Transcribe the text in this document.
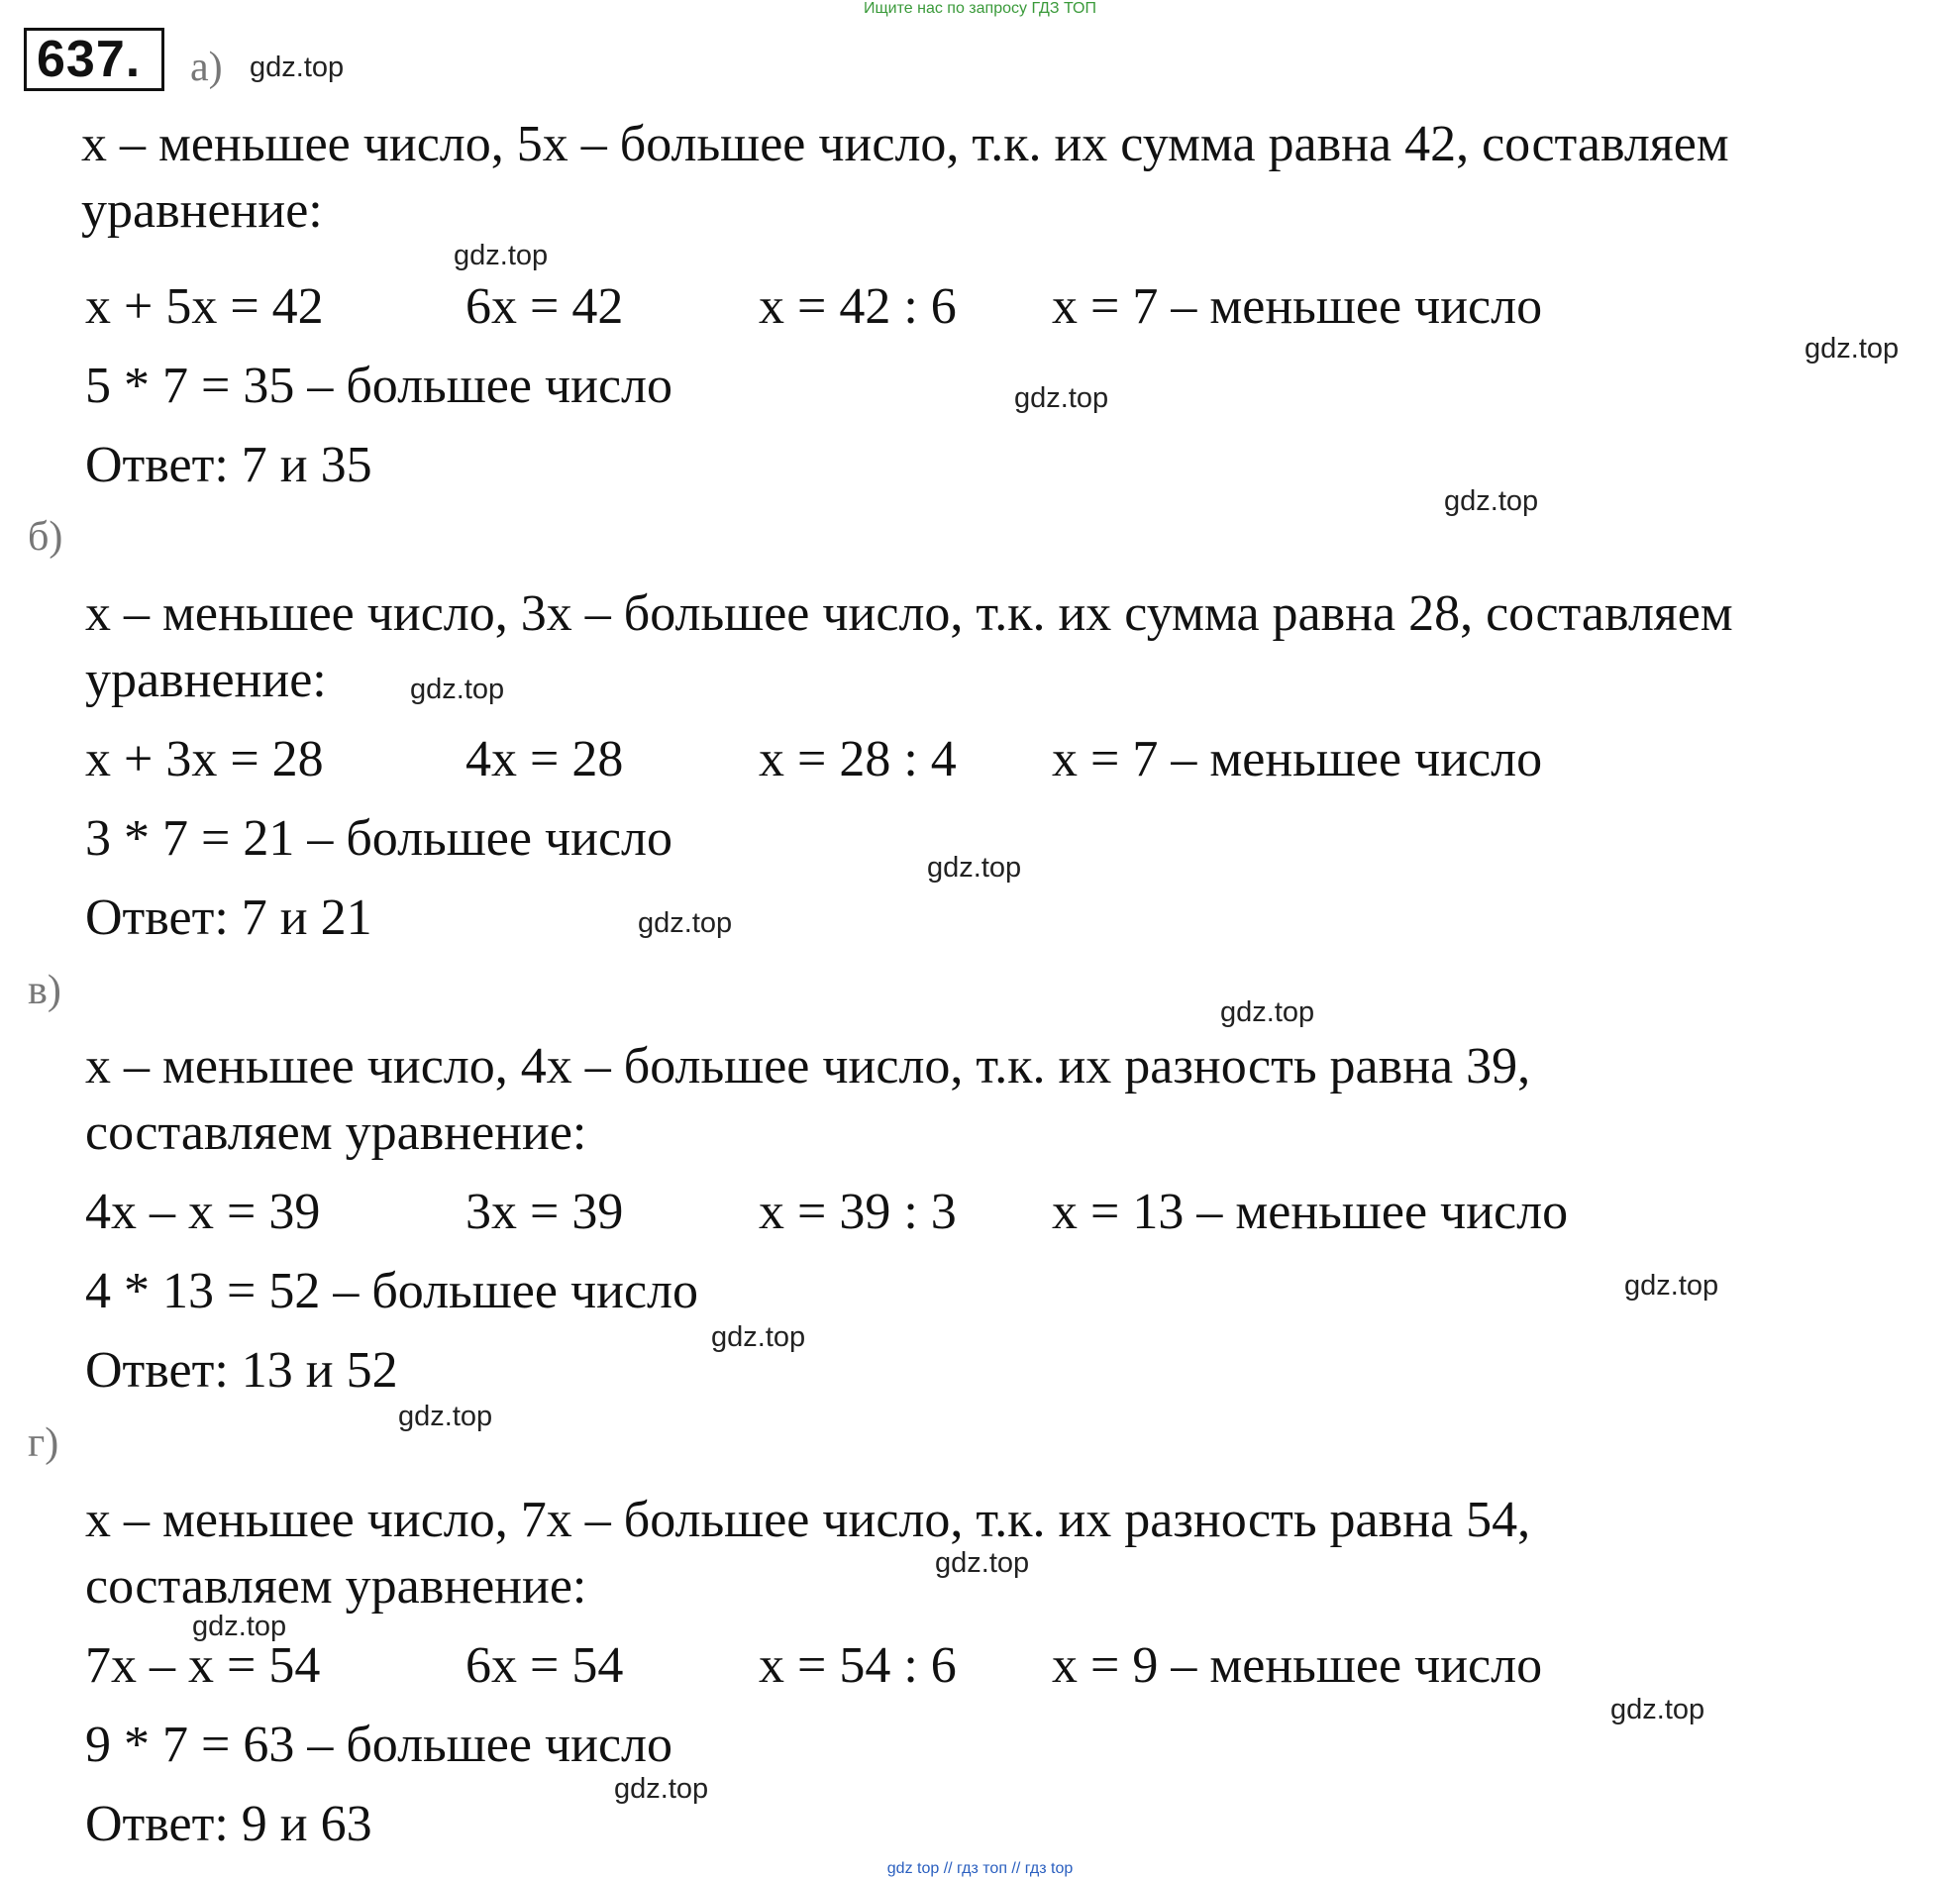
Ищите нас по запросу ГДЗ ТОП
637.	а)
x – меньшее число, 5x – большее число, т.к. их сумма равна 42, составляем
уравнение:
x + 5x = 42	6x = 42	x = 42 : 6 x = 7 – меньшее число
5 * 7 = 35 – большее число
Ответ: 7 и 35
б)
x – меньшее число, 3x – большее число, т.к. их сумма равна 28, составляем
уравнение:
x + 3x = 28	4x = 28	x = 28 : 4 x = 7 – меньшее число
3 * 7 = 21 – большее число
Ответ: 7 и 21
в)
x – меньшее число, 4x – большее число, т.к. их разность равна 39,
составляем уравнение:
4x – x = 39	3x = 39	x = 39 : 3 x = 13 – меньшее число
4 * 13 = 52 – большее число
Ответ: 13 и 52
г)
x – меньшее число, 7x – большее число, т.к. их разность равна 54,
составляем уравнение:
7x – x = 54	6x = 54	x = 54 : 6 x = 9 – меньшее число
9 * 7 = 63 – большее число
Ответ: 9 и 63
gdz.top
gdz.top
gdz.top
gdz.top
gdz.top
gdz.top
gdz.top
gdz.top
gdz.top
gdz.top
gdz.top
gdz.top
gdz.top
gdz.top
gdz.top
gdz.top
gdz top // гдз топ // гдз top
